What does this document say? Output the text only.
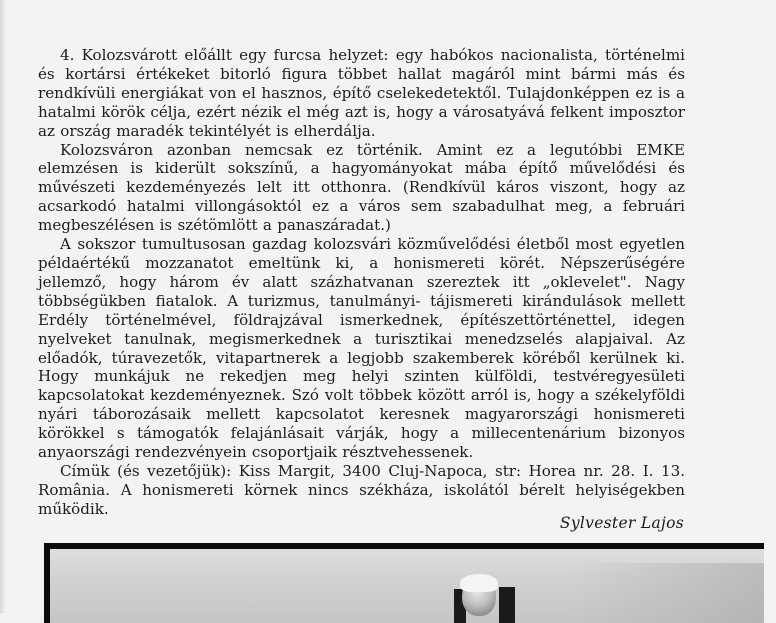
4. Kolozsvárott előállt egy furcsa helyzet: egy habókos nacionalista, történelmi és kortársi értékeket bitorló figura többet hallat magáról mint bármi más és rendkívüli energiákat von el hasznos, építő cselekedetektől. Tulajdonképpen ez is a hatalmi körök célja, ezért nézik el még azt is, hogy a városatyává felkent imposztor az ország maradék tekintélyét is elherdálja.

Kolozsváron azonban nemcsak ez történik. Amint ez a legutóbbi EMKE elemzésen is kiderült sokszínű, a hagyományokat mába építő művelődési és művészeti kezdeményezés lelt itt otthonra. (Rendkívül káros viszont, hogy az acsarkodó hatalmi villongásoktól ez a város sem szabadulhat meg, a februári megbeszélésen is szétömlött a panaszáradat.)

A sokszor tumultusosan gazdag kolozsvári közművelődési életből most egyetlen példaértékű mozzanatot emeltünk ki, a honismereti körét. Népszerűségére jellemző, hogy három év alatt százhatvanan szereztek itt „oklevelet". Nagy többségükben fiatalok. A turizmus, tanulmányi- tájismereti kirándulások mellett Erdély történelmével, földrajzával ismerkednek, építészettörténettel, idegen nyelveket tanulnak, megismerkednek a turisztikai menedzselés alapjaival. Az előadók, túravezetők, vitapartnerek a legjobb szakemberek köréből kerülnek ki. Hogy munkájuk ne rekedjen meg helyi szinten külföldi, testvéregyesületi kapcsolatokat kezdeményeznek. Szó volt többek között arról is, hogy a székelyföldi nyári táborozásaik mellett kapcsolatot keresnek magyarországi honismereti körökkel s támogatók felajánlásait várják, hogy a millecentenárium bizonyos anyaországi rendezvényein csoportjaik résztvehessenek.

Címük (és vezetőjük): Kiss Margit, 3400 Cluj-Napoca, str: Horea nr. 28. I. 13. România. A honismereti körnek nincs székháza, iskolától bérelt helyiségekben működik.

Sylvester Lajos
